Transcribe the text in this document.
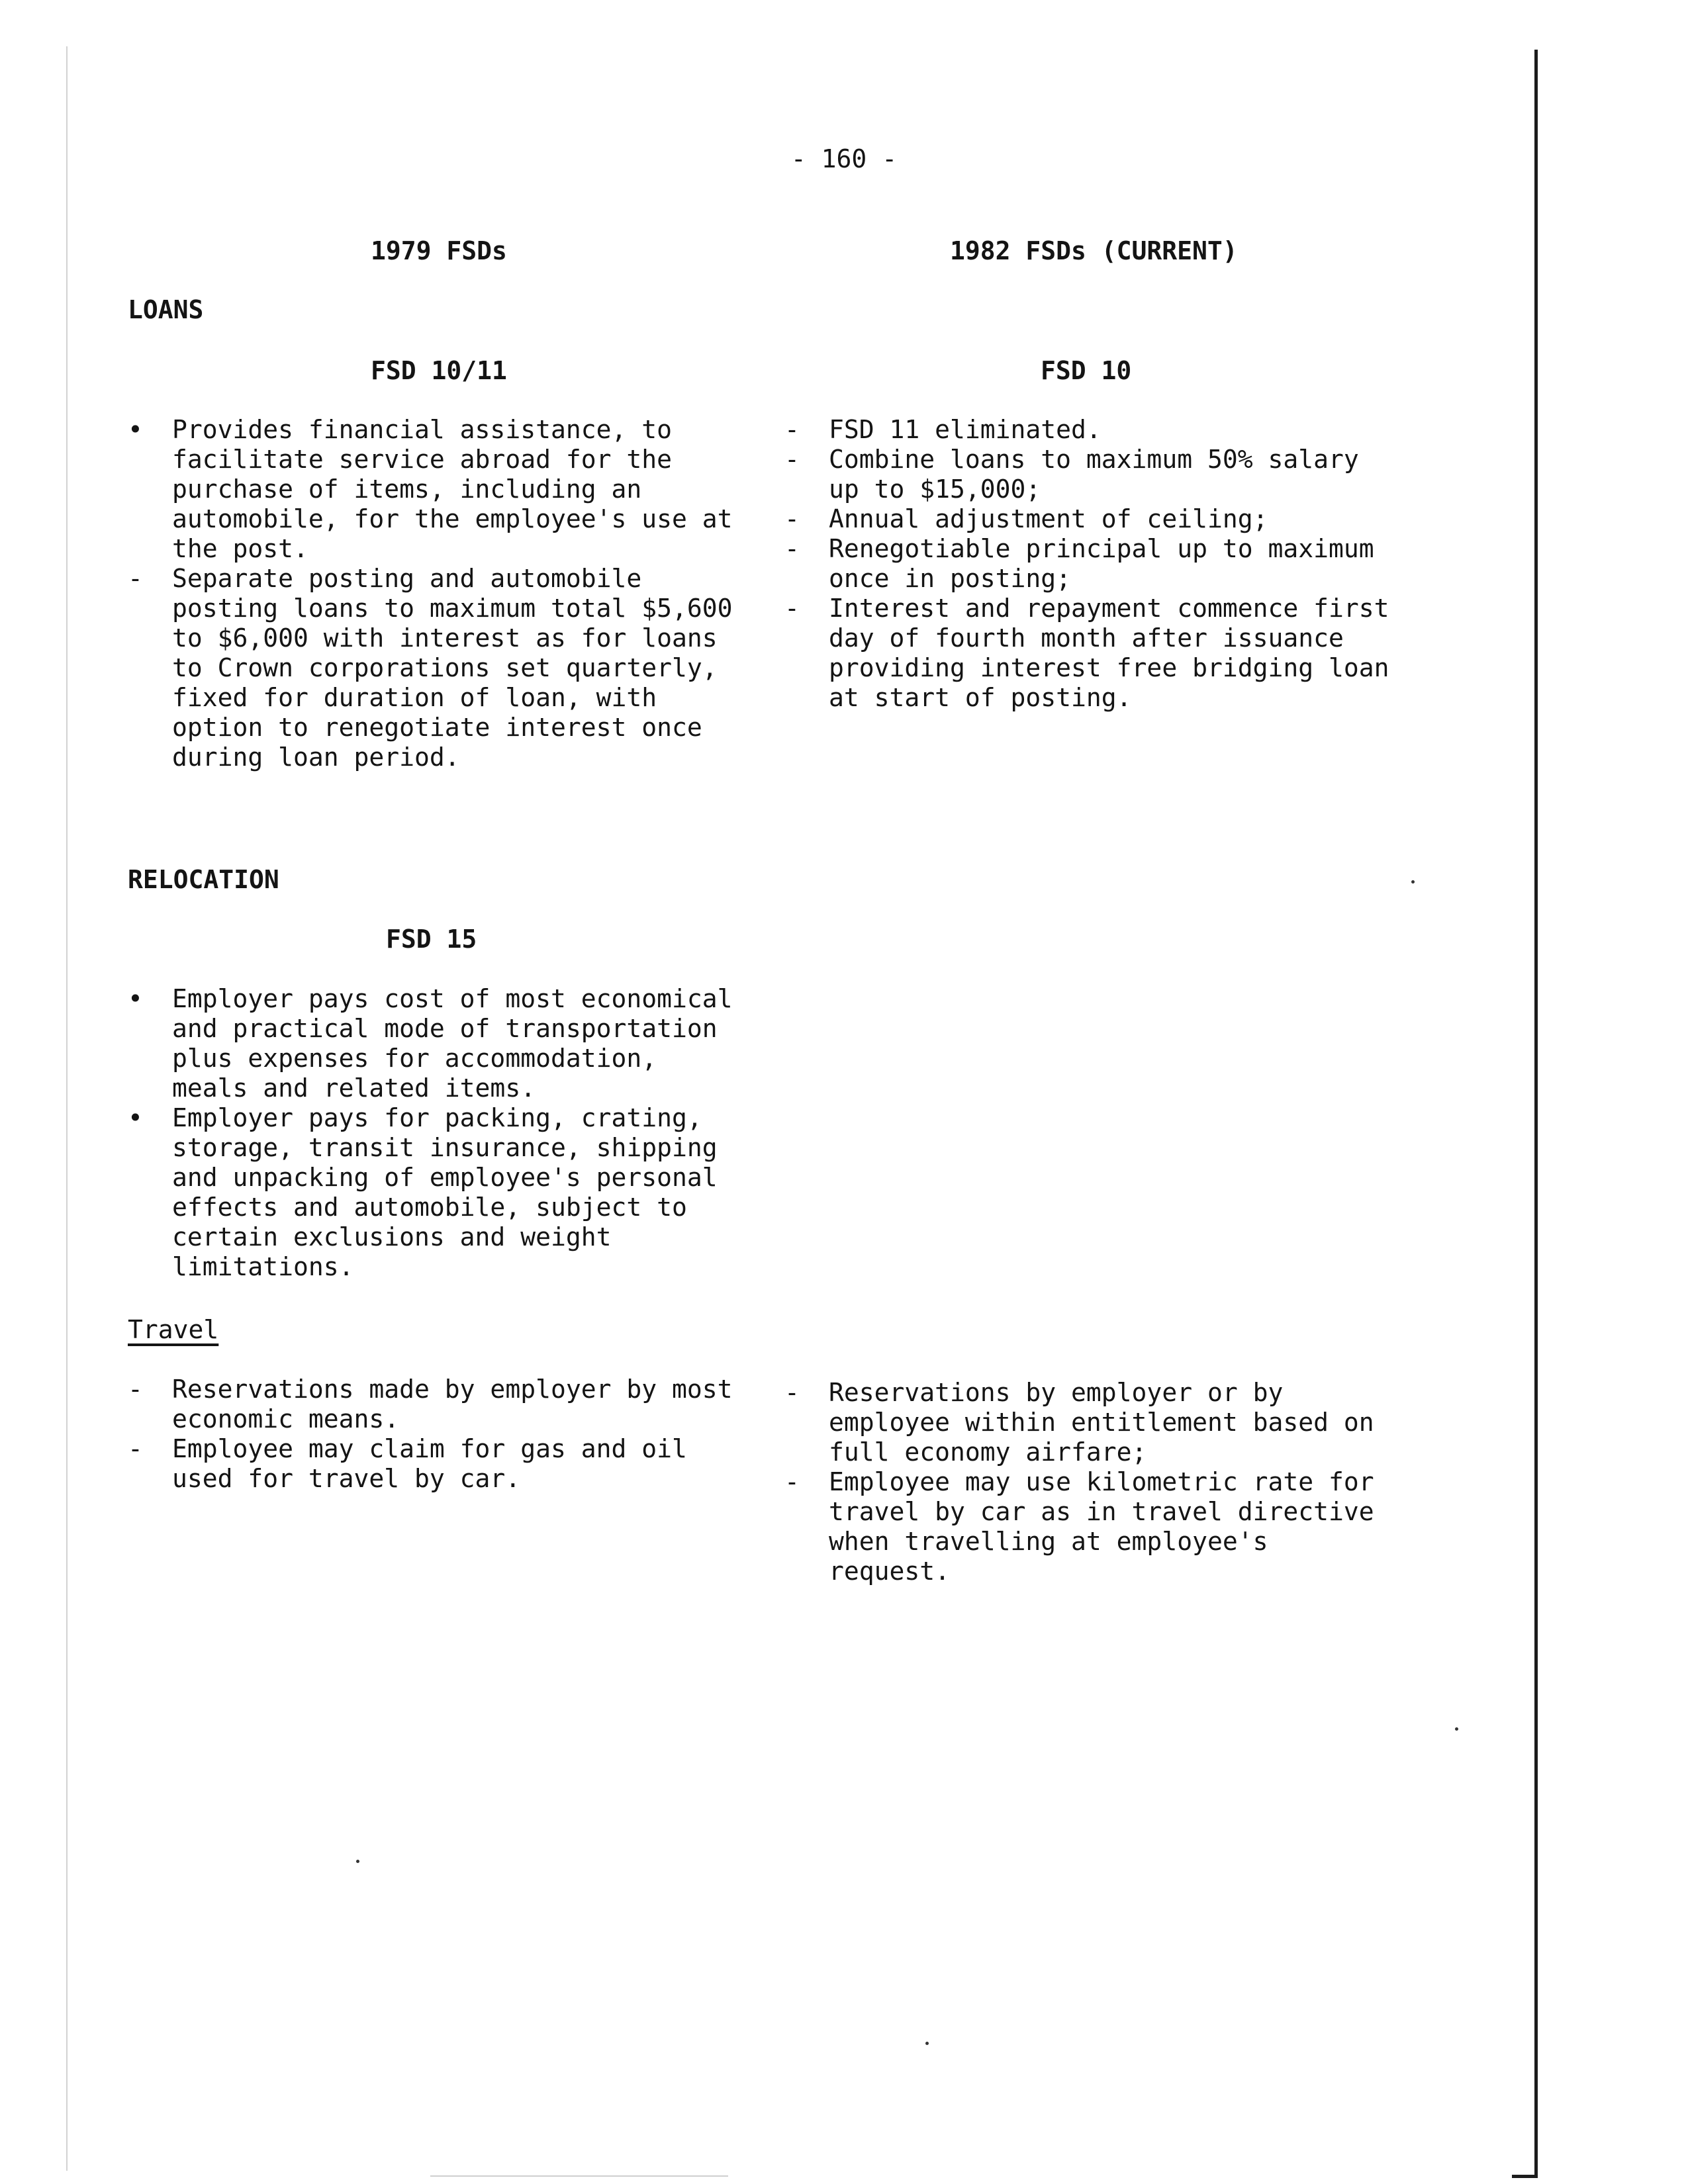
- 160 -
1979 FSDs	1982 FSDs (CURRENT)
LOANS
FSD 10/11	FSD 10
• Provides financial assistance, to
facilitate service abroad for the
purchase of items, including an
automobile, for the employee's use at
the post.
- Separate posting and automobile
posting loans to maximum total $5,600
to $6,000 with interest as for loans
to Crown corporations set quarterly,
fixed for duration of loan, with
option to renegotiate interest once
during loan period.
- FSD 11 eliminated.
- Combine loans to maximum 50% salary
up to $15,000;
- Annual adjustment of ceiling;
- Renegotiable principal up to maximum
once in posting;
- Interest and repayment commence first
day of fourth month after issuance
providing interest free bridging loan
at start of posting.
RELOCATION
FSD 15
• Employer pays cost of most economical
and practical mode of transportation
plus expenses for accommodation,
meals and related items.
• Employer pays for packing, crating,
storage, transit insurance, shipping
and unpacking of employee's personal
effects and automobile, subject to
certain exclusions and weight
limitations.
Travel
- Reservations made by employer by most
economic means.
- Employee may claim for gas and oil
used for travel by car.
- Reservations by employer or by
employee within entitlement based on
full economy airfare;
- Employee may use kilometric rate for
travel by car as in travel directive
when travelling at employee's
request.
